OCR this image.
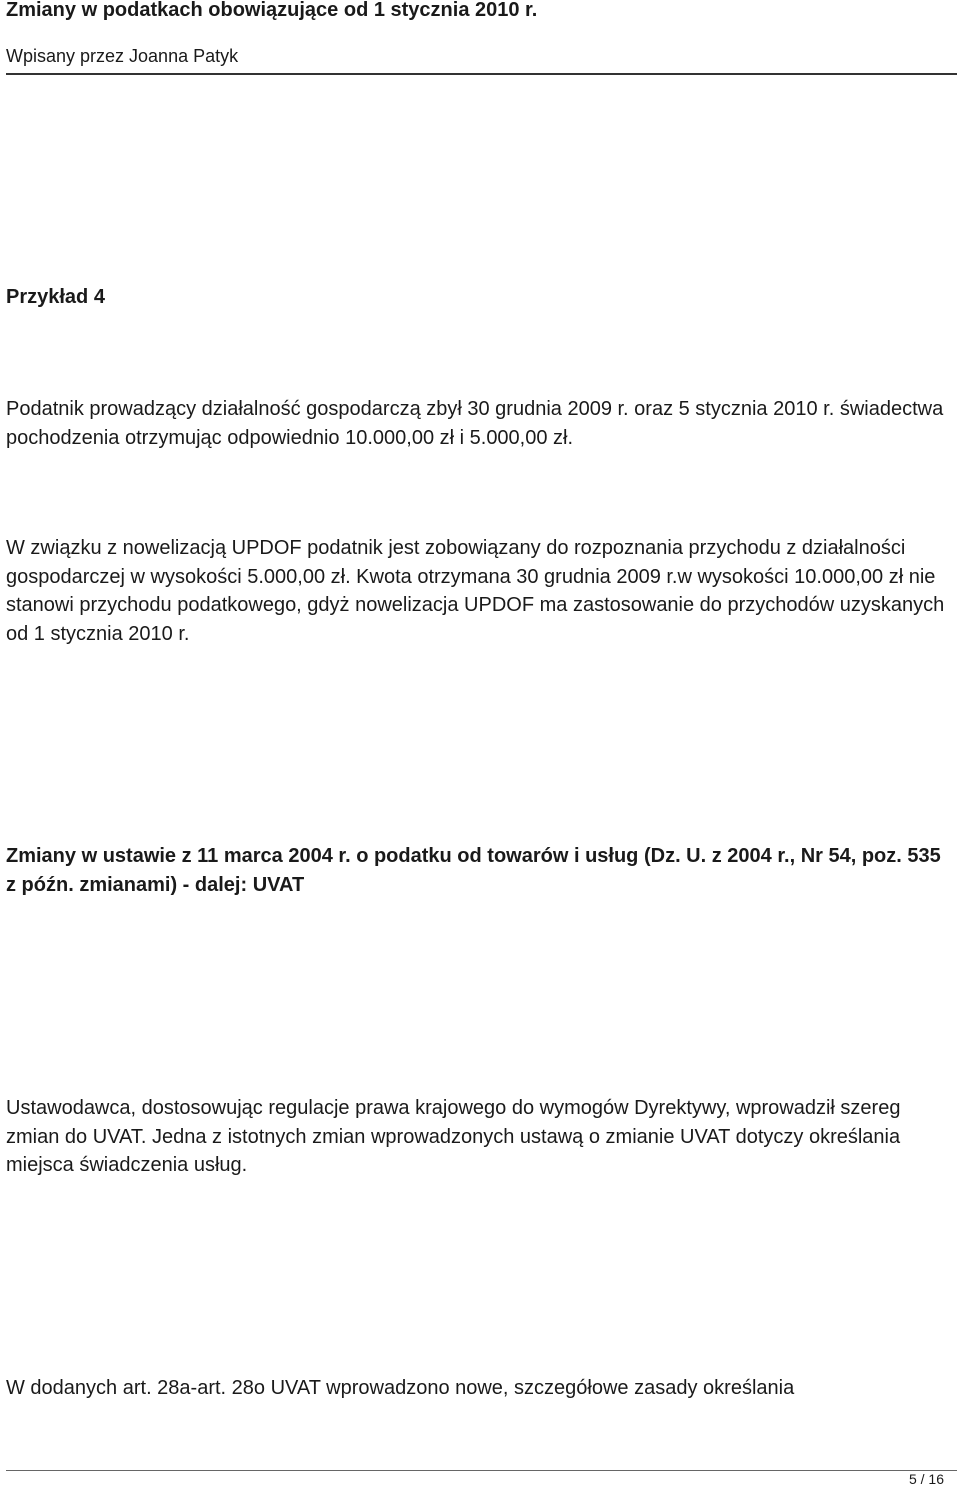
Zmiany w podatkach obowiązujące od 1 stycznia 2010 r.
Wpisany przez Joanna Patyk
Przykład 4

Podatnik prowadzący działalność gospodarczą zbył 30 grudnia 2009 r. oraz 5 stycznia 2010 r. świadectwa pochodzenia otrzymując odpowiednio 10.000,00 zł i 5.000,00 zł.

W związku z nowelizacją UPDOF podatnik jest zobowiązany do rozpoznania przychodu z działalności gospodarczej w wysokości 5.000,00 zł. Kwota otrzymana 30 grudnia 2009 r.w wysokości 10.000,00 zł nie stanowi przychodu podatkowego, gdyż nowelizacja UPDOF ma zastosowanie do przychodów uzyskanych od 1 stycznia 2010 r.

Zmiany w ustawie z 11 marca 2004 r. o podatku od towarów i usług (Dz. U. z 2004 r., Nr 54, poz. 535 z późn. zmianami) - dalej: UVAT

Ustawodawca, dostosowując regulacje prawa krajowego do wymogów Dyrektywy, wprowadził szereg zmian do UVAT. Jedna z istotnych zmian wprowadzonych ustawą o zmianie UVAT dotyczy określania miejsca świadczenia usług.

W dodanych art. 28a-art. 28o UVAT wprowadzono nowe, szczegółowe zasady określania

5 / 16
